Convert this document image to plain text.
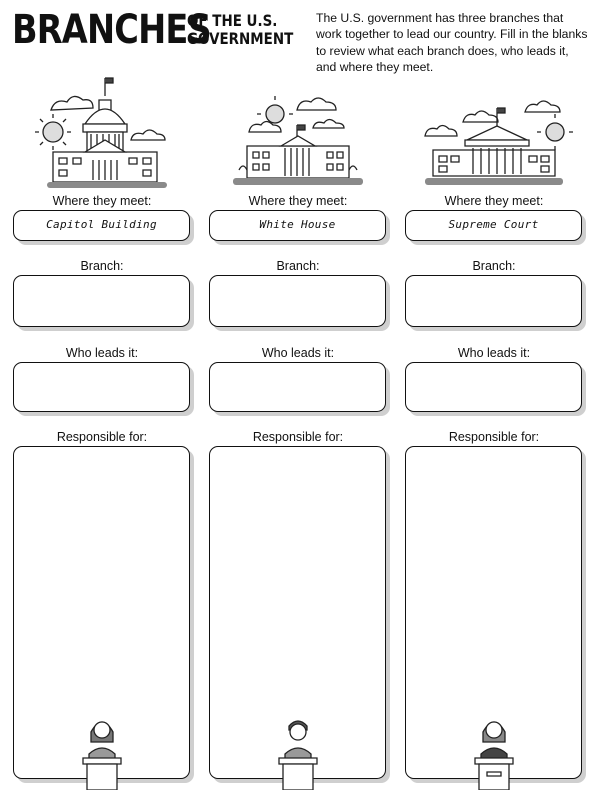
BRANCHES
OF THE U.S.
GOVERNMENT
The U.S. government has three branches that work together to lead our country. Fill in the blanks to review what each branch does, who leads it, and where they meet.
Where they meet:
Capitol Building
Branch:
Who leads it:
Responsible for:
Where they meet:
White House
Branch:
Who leads it:
Responsible for:
Where they meet:
Supreme Court
Branch:
Who leads it:
Responsible for:
